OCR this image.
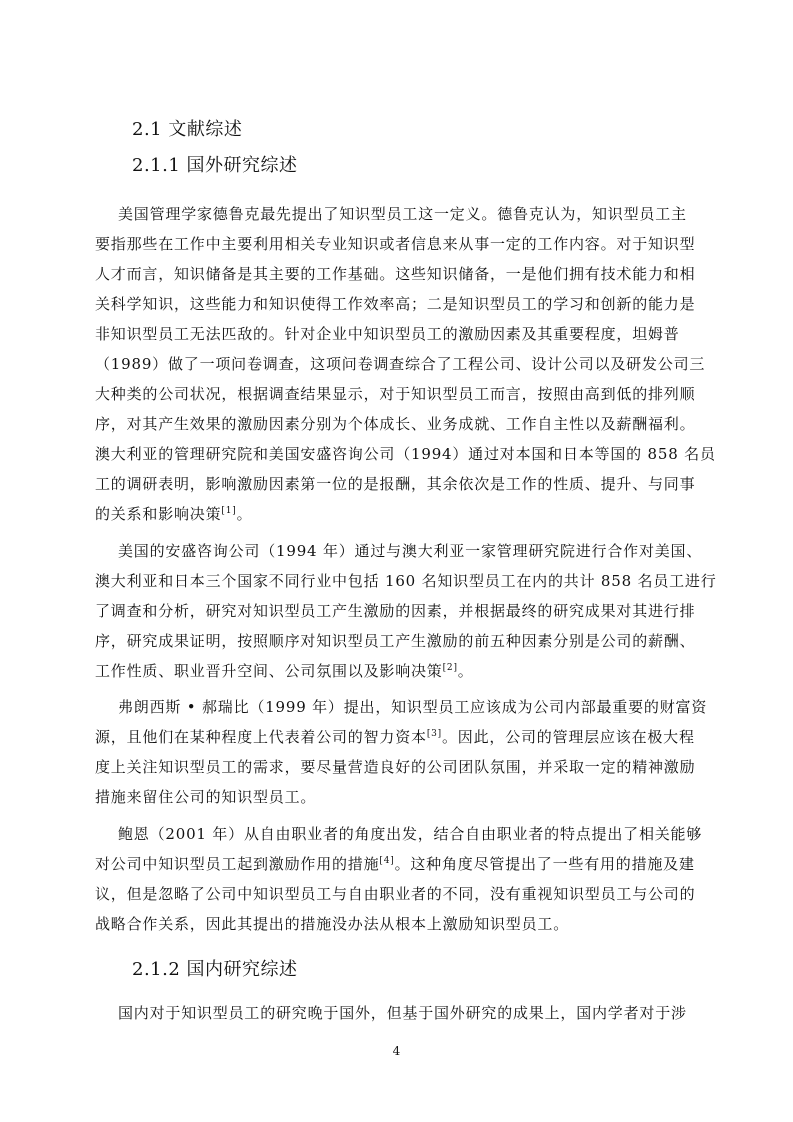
2.1 文献综述
2.1.1 国外研究综述
美国管理学家德鲁克最先提出了知识型员工这一定义。德鲁克认为，知识型员工主
要指那些在工作中主要利用相关专业知识或者信息来从事一定的工作内容。对于知识型
人才而言，知识储备是其主要的工作基础。这些知识储备，一是他们拥有技术能力和相
关科学知识，这些能力和知识使得工作效率高；二是知识型员工的学习和创新的能力是
非知识型员工无法匹敌的。针对企业中知识型员工的激励因素及其重要程度，坦姆普
（1989）做了一项问卷调查，这项问卷调查综合了工程公司、设计公司以及研发公司三
大种类的公司状况，根据调查结果显示，对于知识型员工而言，按照由高到低的排列顺
序，对其产生效果的激励因素分别为个体成长、业务成就、工作自主性以及薪酬福利。
澳大利亚的管理研究院和美国安盛咨询公司（1994）通过对本国和日本等国的 858 名员
工的调研表明，影响激励因素第一位的是报酬，其余依次是工作的性质、提升、与同事
的关系和影响决策[1]。
美国的安盛咨询公司（1994 年）通过与澳大利亚一家管理研究院进行合作对美国、
澳大利亚和日本三个国家不同行业中包括 160 名知识型员工在内的共计 858 名员工进行
了调查和分析，研究对知识型员工产生激励的因素，并根据最终的研究成果对其进行排
序，研究成果证明，按照顺序对知识型员工产生激励的前五种因素分别是公司的薪酬、
工作性质、职业晋升空间、公司氛围以及影响决策[2]。
弗朗西斯 • 郝瑞比（1999 年）提出，知识型员工应该成为公司内部最重要的财富资
源，且他们在某种程度上代表着公司的智力资本[3]。因此，公司的管理层应该在极大程
度上关注知识型员工的需求，要尽量营造良好的公司团队氛围，并采取一定的精神激励
措施来留住公司的知识型员工。
鲍恩（2001 年）从自由职业者的角度出发，结合自由职业者的特点提出了相关能够
对公司中知识型员工起到激励作用的措施[4]。这种角度尽管提出了一些有用的措施及建
议，但是忽略了公司中知识型员工与自由职业者的不同，没有重视知识型员工与公司的
战略合作关系，因此其提出的措施没办法从根本上激励知识型员工。
2.1.2 国内研究综述
国内对于知识型员工的研究晚于国外，但基于国外研究的成果上，国内学者对于涉
4
